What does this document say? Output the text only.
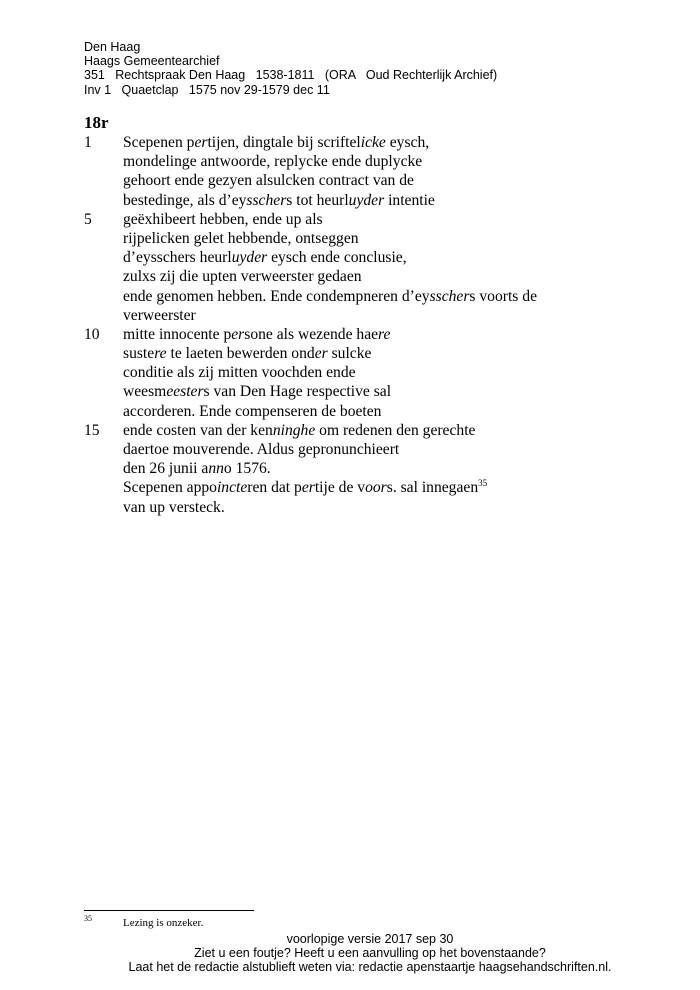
Den Haag
Haags Gemeentearchief
351   Rechtspraak Den Haag   1538-1811   (ORA   Oud Rechterlijk Archief)
Inv 1   Quaetclap   1575 nov 29-1579 dec 11
18r
1	Scepenen pertijen, dingtale bij scriftelicke eysch,
mondelinge antwoorde, replycke ende duplycke
gehoort ende gezyen alsulcken contract van de
bestedinge, als d’eysschers tot heurluyder intentie
5	geëxhibeert hebben, ende up als
rijpelicken gelet hebbende, ontseggen
d’eysschers heurluyder eysch ende conclusie,
zulxs zij die upten verweerster gedaen
ende genomen hebben. Ende condempneren d’eysschers voorts de
verweerster
10	mitte innocente persone als wezende haere
sustere te laeten bewerden onder sulcke
conditie als zij mitten voochden ende
weesmeesters van Den Hage respective sal
accorderen. Ende compenseren de boeten
15	ende costen van der kenninghe om redenen den gerechte
daertoe mouverende. Aldus gepronunchieert
den 26 junii anno 1576.
Scepenen appoincteren dat pertije de voors. sal innegaen$^{35}$
van up versteck.
35	Lezing is onzeker.
voorlopige versie 2017 sep 30
Ziet u een foutje? Heeft u een aanvulling op het bovenstaande?
Laat het de redactie alstublieft weten via: redactie apenstaartje haagsehandschriften.nl.
